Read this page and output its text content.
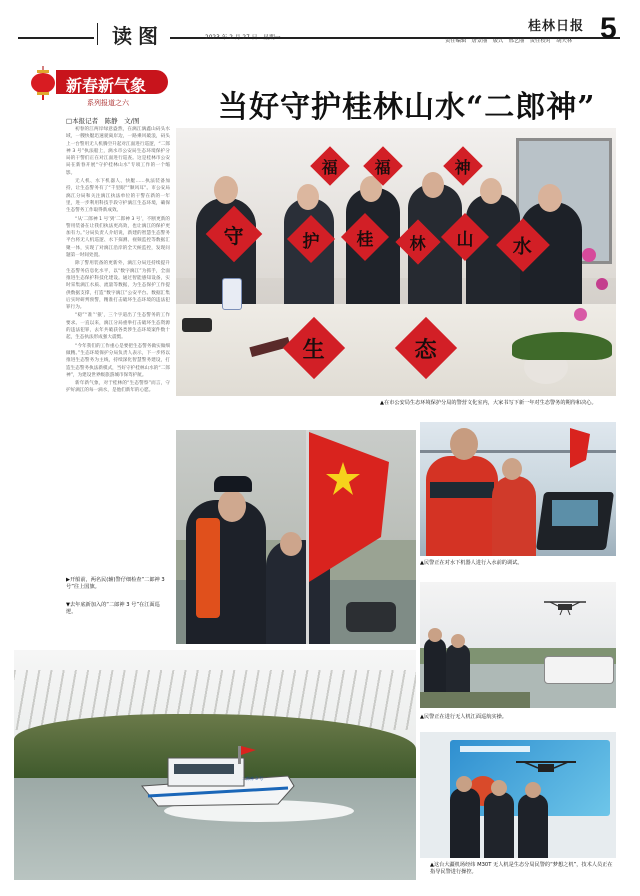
读图	桂林日报 5
2023 年 2 月 27 日　星期一	责任编辑　唐景丽　版式　邢艺丽　责任校对　胡天林
新春新气象
系列报道之六	当好守护桂林山水“二郎神”
□本报记者　陈静　文/图

初春的江两岸绿意盎然，在漓江漓鑫山码头水域，一艘快艇迅速驶离岸边，一路乘风破浪，码头上一台警用无人机腾空升起对江面进行巡逻，“二郎神 3 号”执法船上，漓水市公安局生态环境保护分局的干警们正在对江面进行巡查。这是桂林市公安局在新春开展“守护桂林山水”专项工作的一个缩影。

无人机、水下机器人、快艇……执法装备加持，让生态警务有了“千里眼”“顺风耳”。市公安局漓江分局和关注漓江执法单位的干警在新的一年里，进一步利用科技手段守护漓江生态环境，确保生态警务工作取得新成效。

“从‘二郎神 1 号’到‘二郎神 3 号’，不断更新的警用装备在让我们执法更高效，也让漓江的保护更加有力。”分局负责人介绍说，新建的智慧生态警务平台将无人机巡逻、水下探测、视频监控等数据汇聚一体，实现了对漓江沿岸的全天候监控，发现问题第一时间处置。

除了警用装备的更新外，漓江分局还持续提升生态警务信息化水平，以“数字漓江”为抓手，全面推进生态保护科技化建设。通过智能感知设备，实时采集漓江水质、流量等数据，为生态保护工作提供数据支撑，打造“数字漓江”公安平台。数据汇集后实时研判预警，精准打击破坏生态环境的违法犯罪行为。

“稳”‘‘准’‘‘狠’，三个字道出了生态警务的工作要求。一直以来，漓江分局重拳打击破坏生态资源的违法犯罪，去年共破获各类涉生态环境案件数十起，生态执法形成强大震慑。

“今年我们的工作重心是要把生态警务做实做细做精。”生态环境保护分局负责人表示，下一步将以推进生态警务为主线，持续深化智慧警务建设，打造生态警务执法新模式，当好守护桂林山水的“二郎神”，为建设世界级旅游城市保驾护航。

新年新气象，对于桂林的“生态警察”而言，守护好漓江的每一滴水，是他们新年的心愿。

福 福	神
守	护 桂 林 山 水
生	态
▲在市公安局生态环境保护分局的警营文化室内，大家书写下新一年对生态警务的期待和决心。
▶开船前，两名民(辅)警仔细检查“二郎神 3 号”往上国旗。
▼去年底新加入的“二郎神 3 号”在江面巡逻。
▲民警正在对水下机器人进行入水前的调试。
▲民警正在进行无人机江面巡航实操。
▲这台大疆机场经纬 M30T 无人机是生态分局民警的“梦想之机”，技术人员正在指导民警进行操控。
二郎神 3 号
